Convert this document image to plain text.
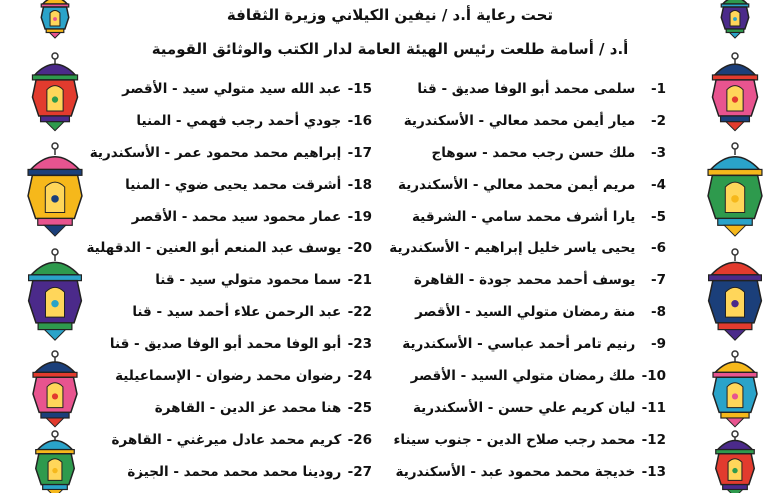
تحت رعاية أ.د / نيفين الكيلاني وزيرة الثقافة
أ.د / أسامة طلعت رئيس الهيئة العامة لدار الكتب والوثائق القومية
1- سلمى محمد أبو الوفا صديق - قنا
2- ميار أيمن محمد معالي - الأسكندرية
3- ملك حسن رجب محمد - سوهاج
4- مريم أيمن محمد معالي - الأسكندرية
5- يارا أشرف محمد سامي - الشرقية
6- يحيى ياسر خليل إبراهيم - الأسكندرية
7- يوسف أحمد محمد جودة - القاهرة
8- منة رمضان متولي السيد - الأقصر
9- رنيم تامر أحمد عباسي - الأسكندرية
10- ملك رمضان متولي السيد - الأقصر
11- ليان كريم علي حسن - الأسكندرية
12- محمد رجب صلاح الدين - جنوب سيناء
13- خديجة محمد محمود عبد - الأسكندرية
15- عبد الله سيد متولي سيد - الأقصر
16- جودي أحمد رجب فهمي - المنيا
17- إبراهيم محمد محمود عمر - الأسكندرية
18- أشرقت محمد يحيى ضوي - المنيا
19- عمار محمود سيد محمد - الأقصر
20- يوسف عبد المنعم أبو العنين - الدقهلية
21- سما محمود متولي سيد - قنا
22- عبد الرحمن علاء أحمد سيد - قنا
23- أبو الوفا محمد أبو الوفا صديق - قنا
24- رضوان محمد رضوان - الإسماعيلية
25- هنا محمد عز الدين - القاهرة
26- كريم محمد عادل ميرغني - القاهرة
27- رودينا محمد محمد محمد - الجيزة
